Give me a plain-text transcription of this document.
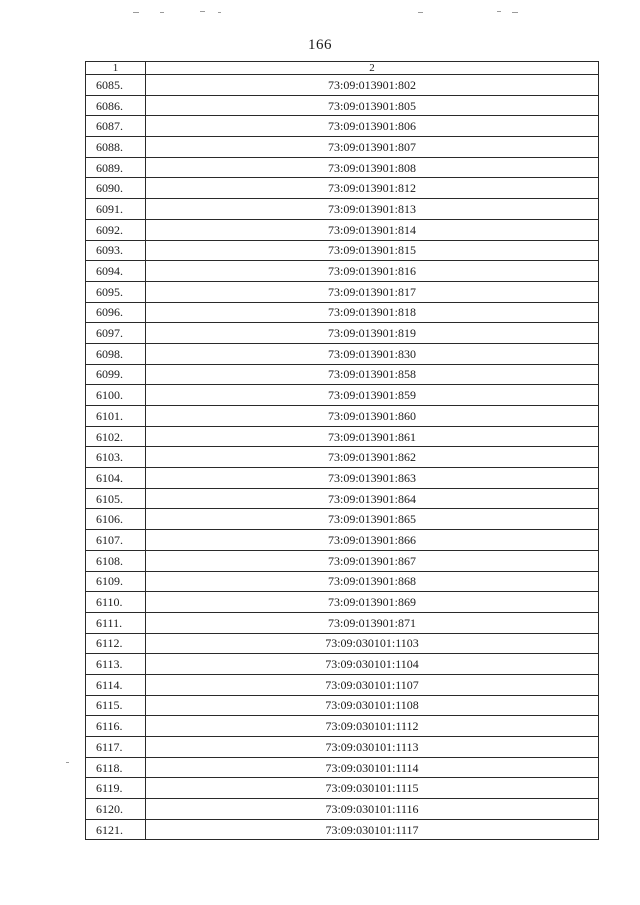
166
1	2
6085.	73:09:013901:802
6086.	73:09:013901:805
6087.	73:09:013901:806
6088.	73:09:013901:807
6089.	73:09:013901:808
6090.	73:09:013901:812
6091.	73:09:013901:813
6092.	73:09:013901:814
6093.	73:09:013901:815
6094.	73:09:013901:816
6095.	73:09:013901:817
6096.	73:09:013901:818
6097.	73:09:013901:819
6098.	73:09:013901:830
6099.	73:09:013901:858
6100.	73:09:013901:859
6101.	73:09:013901:860
6102.	73:09:013901:861
6103.	73:09:013901:862
6104.	73:09:013901:863
6105.	73:09:013901:864
6106.	73:09:013901:865
6107.	73:09:013901:866
6108.	73:09:013901:867
6109.	73:09:013901:868
6110.	73:09:013901:869
6111.	73:09:013901:871
6112.	73:09:030101:1103
6113.	73:09:030101:1104
6114.	73:09:030101:1107
6115.	73:09:030101:1108
6116.	73:09:030101:1112
6117.	73:09:030101:1113
6118.	73:09:030101:1114
6119.	73:09:030101:1115
6120.	73:09:030101:1116
6121.	73:09:030101:1117
